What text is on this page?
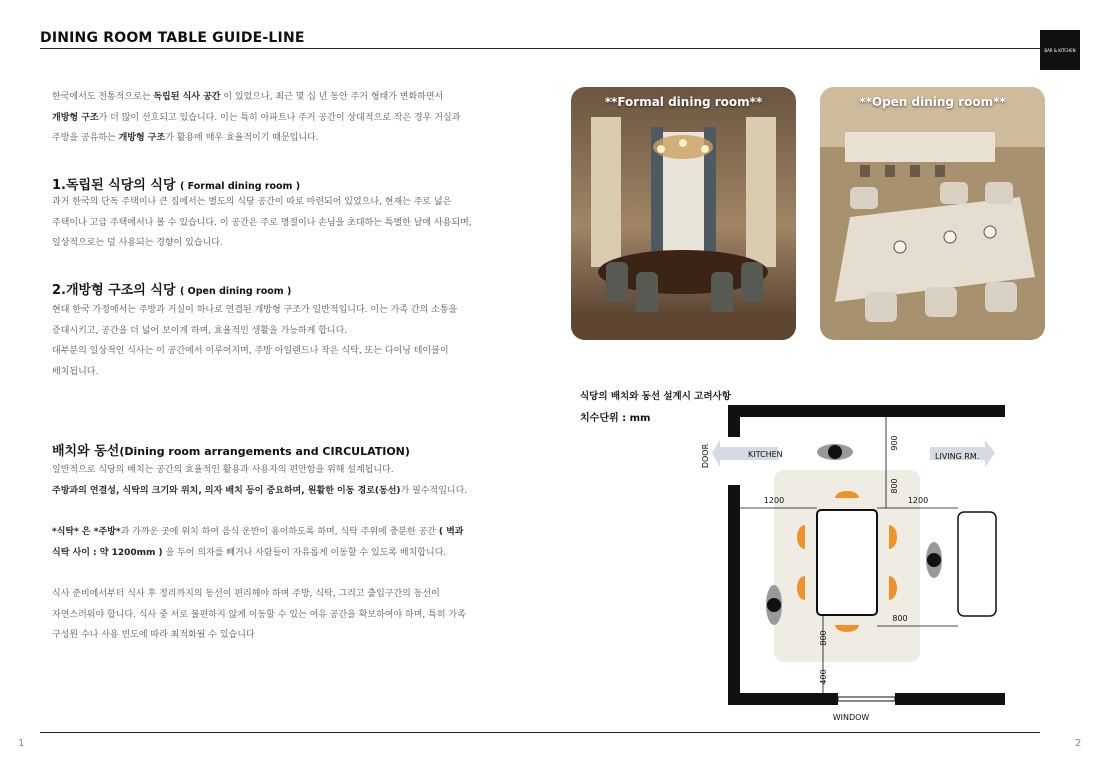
DINING ROOM TABLE GUIDE-LINE
BAR & KITCHEN
한국에서도 전통적으로는 독립된 식사 공간 이 있었으나, 최근 몇 십 년 동안 주거 형태가 변화하면서
개방형 구조가 더 많이 선호되고 있습니다. 이는 특히 아파트나 주거 공간이 상대적으로 작은 경우 거실과
주방을 공유하는 개방형 구조가 활용에 매우 효율적이기 때문입니다.
1.독립된 식당의 식당 ( Formal dining room )
과거 한국의 단독 주택이나 큰 집에서는 별도의 식당 공간이 따로 마련되어 있었으나, 현재는 주로 넓은
주택이나 고급 주택에서나 볼 수 있습니다. 이 공간은 주로 명절이나 손님을 초대하는 특별한 날에 사용되며,
일상적으로는 덜 사용되는 경향이 있습니다.
2.개방형 구조의 식당 ( Open dining room )
현대 한국 가정에서는 주방과 거실이 하나로 연결된 개방형 구조가 일반적입니다. 이는 가족 간의 소통을
증대시키고, 공간을 더 넓어 보이게 하며, 효율적인 생활을 가능하게 합니다.
대부분의 일상적인 식사는 이 공간에서 이루어지며, 주방 아일랜드나 작은 식탁, 또는 다이닝 테이블이
배치됩니다.
배치와 동선(Dining room arrangements and CIRCULATION)
일반적으로 식당의 배치는 공간의 효율적인 활용과 사용자의 편안함을 위해 설계됩니다.
주방과의 연결성, 식탁의 크기와 위치, 의자 배치 등이 중요하며, 원활한 이동 경로(동선)가 필수적입니다.
*식탁* 은 *주방*과 가까운 곳에 위치 하여 음식 운반이 용이하도록 하며, 식탁 주위에 충분한 공간 ( 벽과
식탁 사이 : 약 1200mm ) 을 두어 의자를 빼거나 사람들이 자유롭게 이동할 수 있도록 배치합니다.
식사 준비에서부터 식사 후 정리까지의 동선이 편리해야 하며 주방, 식탁, 그리고 출입구간의 동선이
자연스러워야 합니다. 식사 중 서로 불편하지 않게 이동할 수 있는 여유 공간을 확보하여야 하며, 특히 가족
구성원 수나 사용 빈도에 따라 최적화될 수 있습니다
**Formal dining room**	**Open dining room**
식당의 배치와 동선 설계시 고려사항
치수단위 : mm
DOOR	KITCHEN	LIVING RM.
WINDOW
900
800
1200	1200
800
800
400
1	2
